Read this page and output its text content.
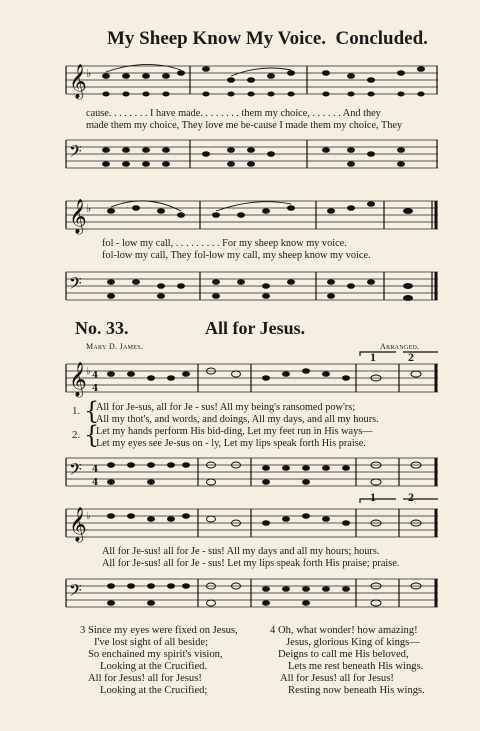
My Sheep Know My Voice. Concluded.
𝄞 ♭
cause. . . . . . . . I have made. . . . . . . . them my choice, . . . . . . And they
made them my choice, They love me be-cause I made them my choice, They
𝄢
𝄞 ♭
fol - low my call, . . . . . . . . . For my sheep know my voice.
fol-low my call, They fol-low my call, my sheep know my voice.
𝄢
No. 33.	All for Jesus.
Mary D. James.	Arranged.
1	2
𝄞 ♭ 4
4
1.
2.
{
{
All for Je-sus, all for Je - sus! All my being's ransomed pow'rs;
All my thot's, and words, and doings, All my days, and all my hours.
Let my hands perform His bid-ding, Let my feet run in His ways—
Let my eyes see Je-sus on - ly, Let my lips speak forth His praise.
𝄢 4
4
1	2
𝄞 ♭
All for Je-sus! all for Je - sus! All my days and all my hours; hours.
All for Je-sus! all for Je - sus! Let my lips speak forth His praise; praise.
𝄢
3 Since my eyes were fixed on Jesus,
I've lost sight of all beside;
So enchained my spirit's vision,
Looking at the Crucified.
All for Jesus! all for Jesus!
Looking at the Crucified;
4 Oh, what wonder! how amazing!
Jesus, glorious King of kings—
Deigns to call me His beloved,
Lets me rest beneath His wings.
All for Jesus! all for Jesus!
Resting now beneath His wings.
